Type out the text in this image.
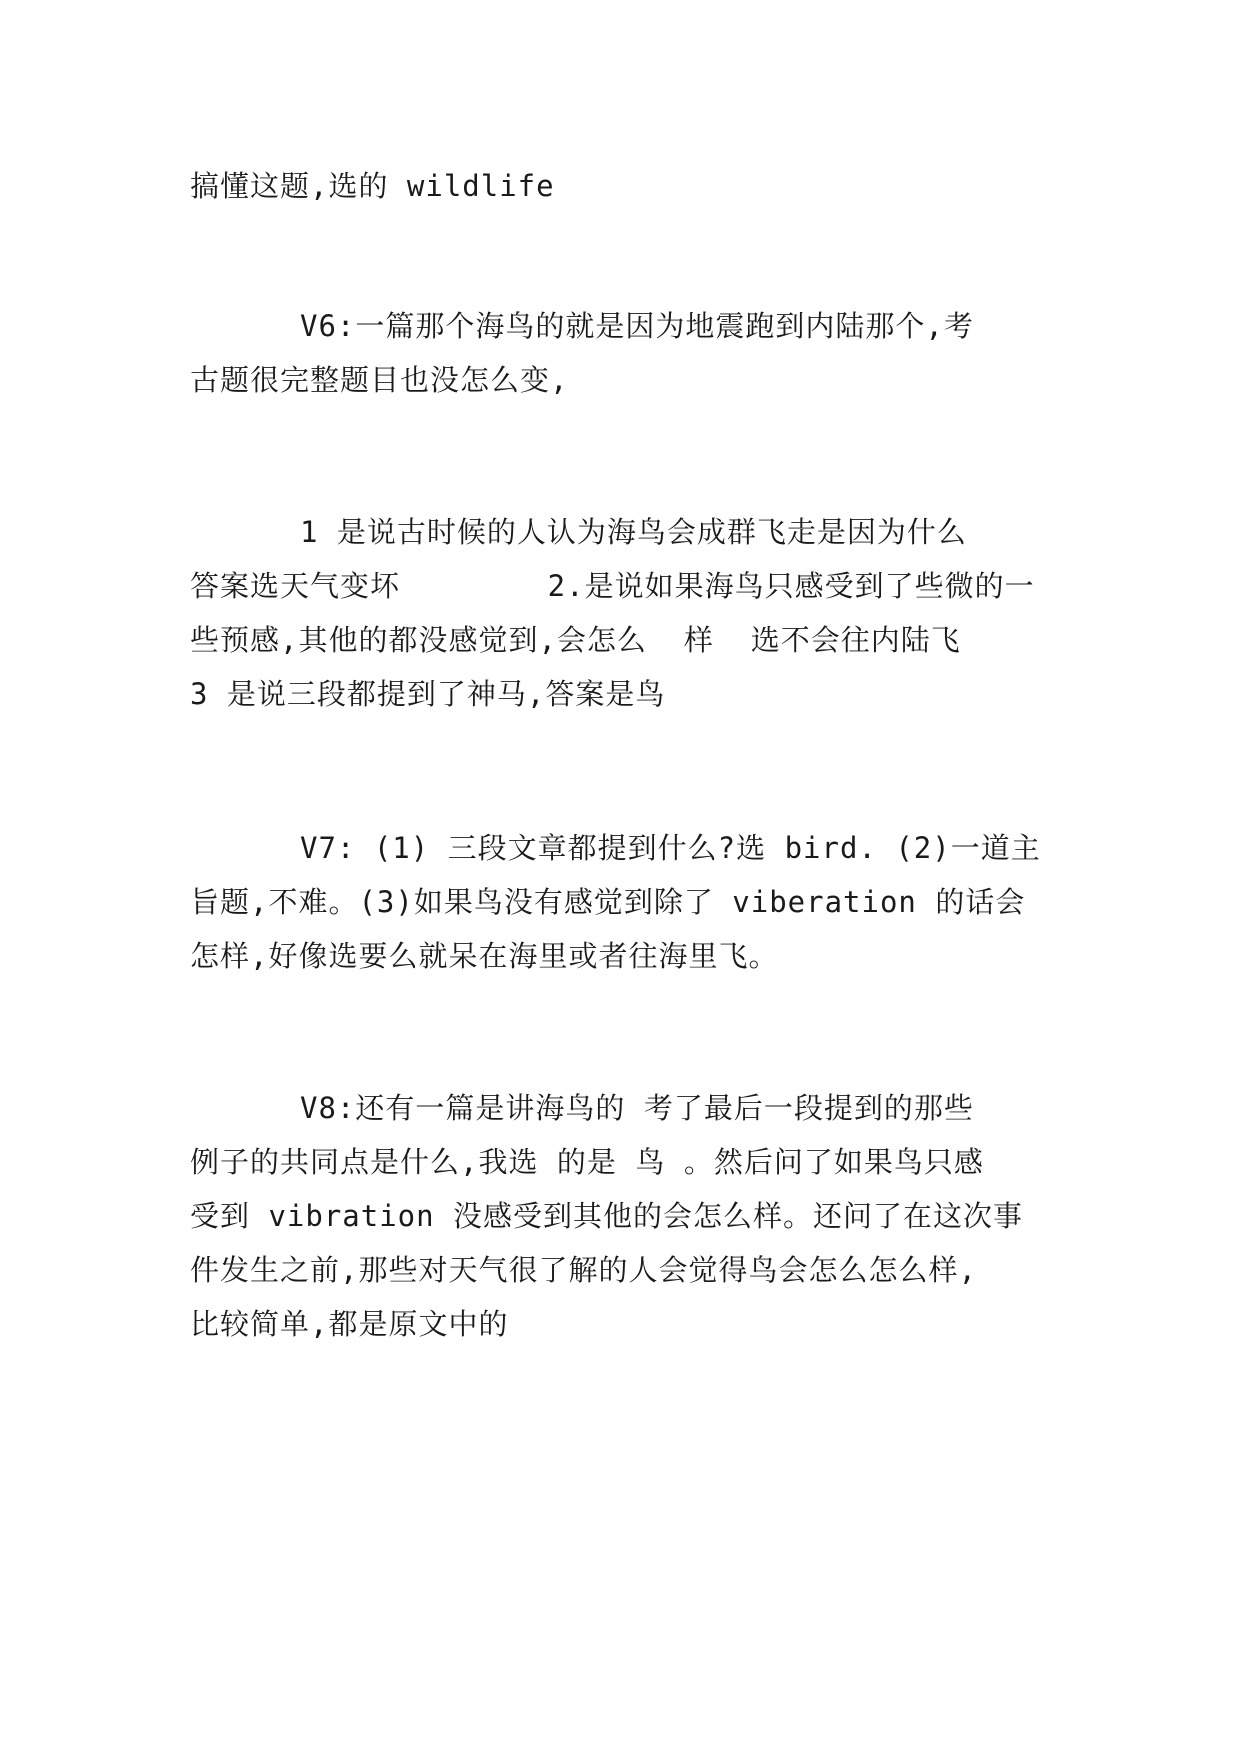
搞懂这题,选的 wildlife
V6:一篇那个海鸟的就是因为地震跑到内陆那个,考
古题很完整题目也没怎么变,
1 是说古时候的人认为海鸟会成群飞走是因为什么
答案选天气变坏        2.是说如果海鸟只感受到了些微的一
些预感,其他的都没感觉到,会怎么  样  选不会往内陆飞
3 是说三段都提到了神马,答案是鸟
V7: (1) 三段文章都提到什么?选 bird. (2)一道主
旨题,不难。(3)如果鸟没有感觉到除了 viberation 的话会
怎样,好像选要么就呆在海里或者往海里飞。
V8:还有一篇是讲海鸟的 考了最后一段提到的那些
例子的共同点是什么,我选 的是 鸟 。然后问了如果鸟只感
受到 vibration 没感受到其他的会怎么样。还问了在这次事
件发生之前,那些对天气很了解的人会觉得鸟会怎么怎么样,
比较简单,都是原文中的
